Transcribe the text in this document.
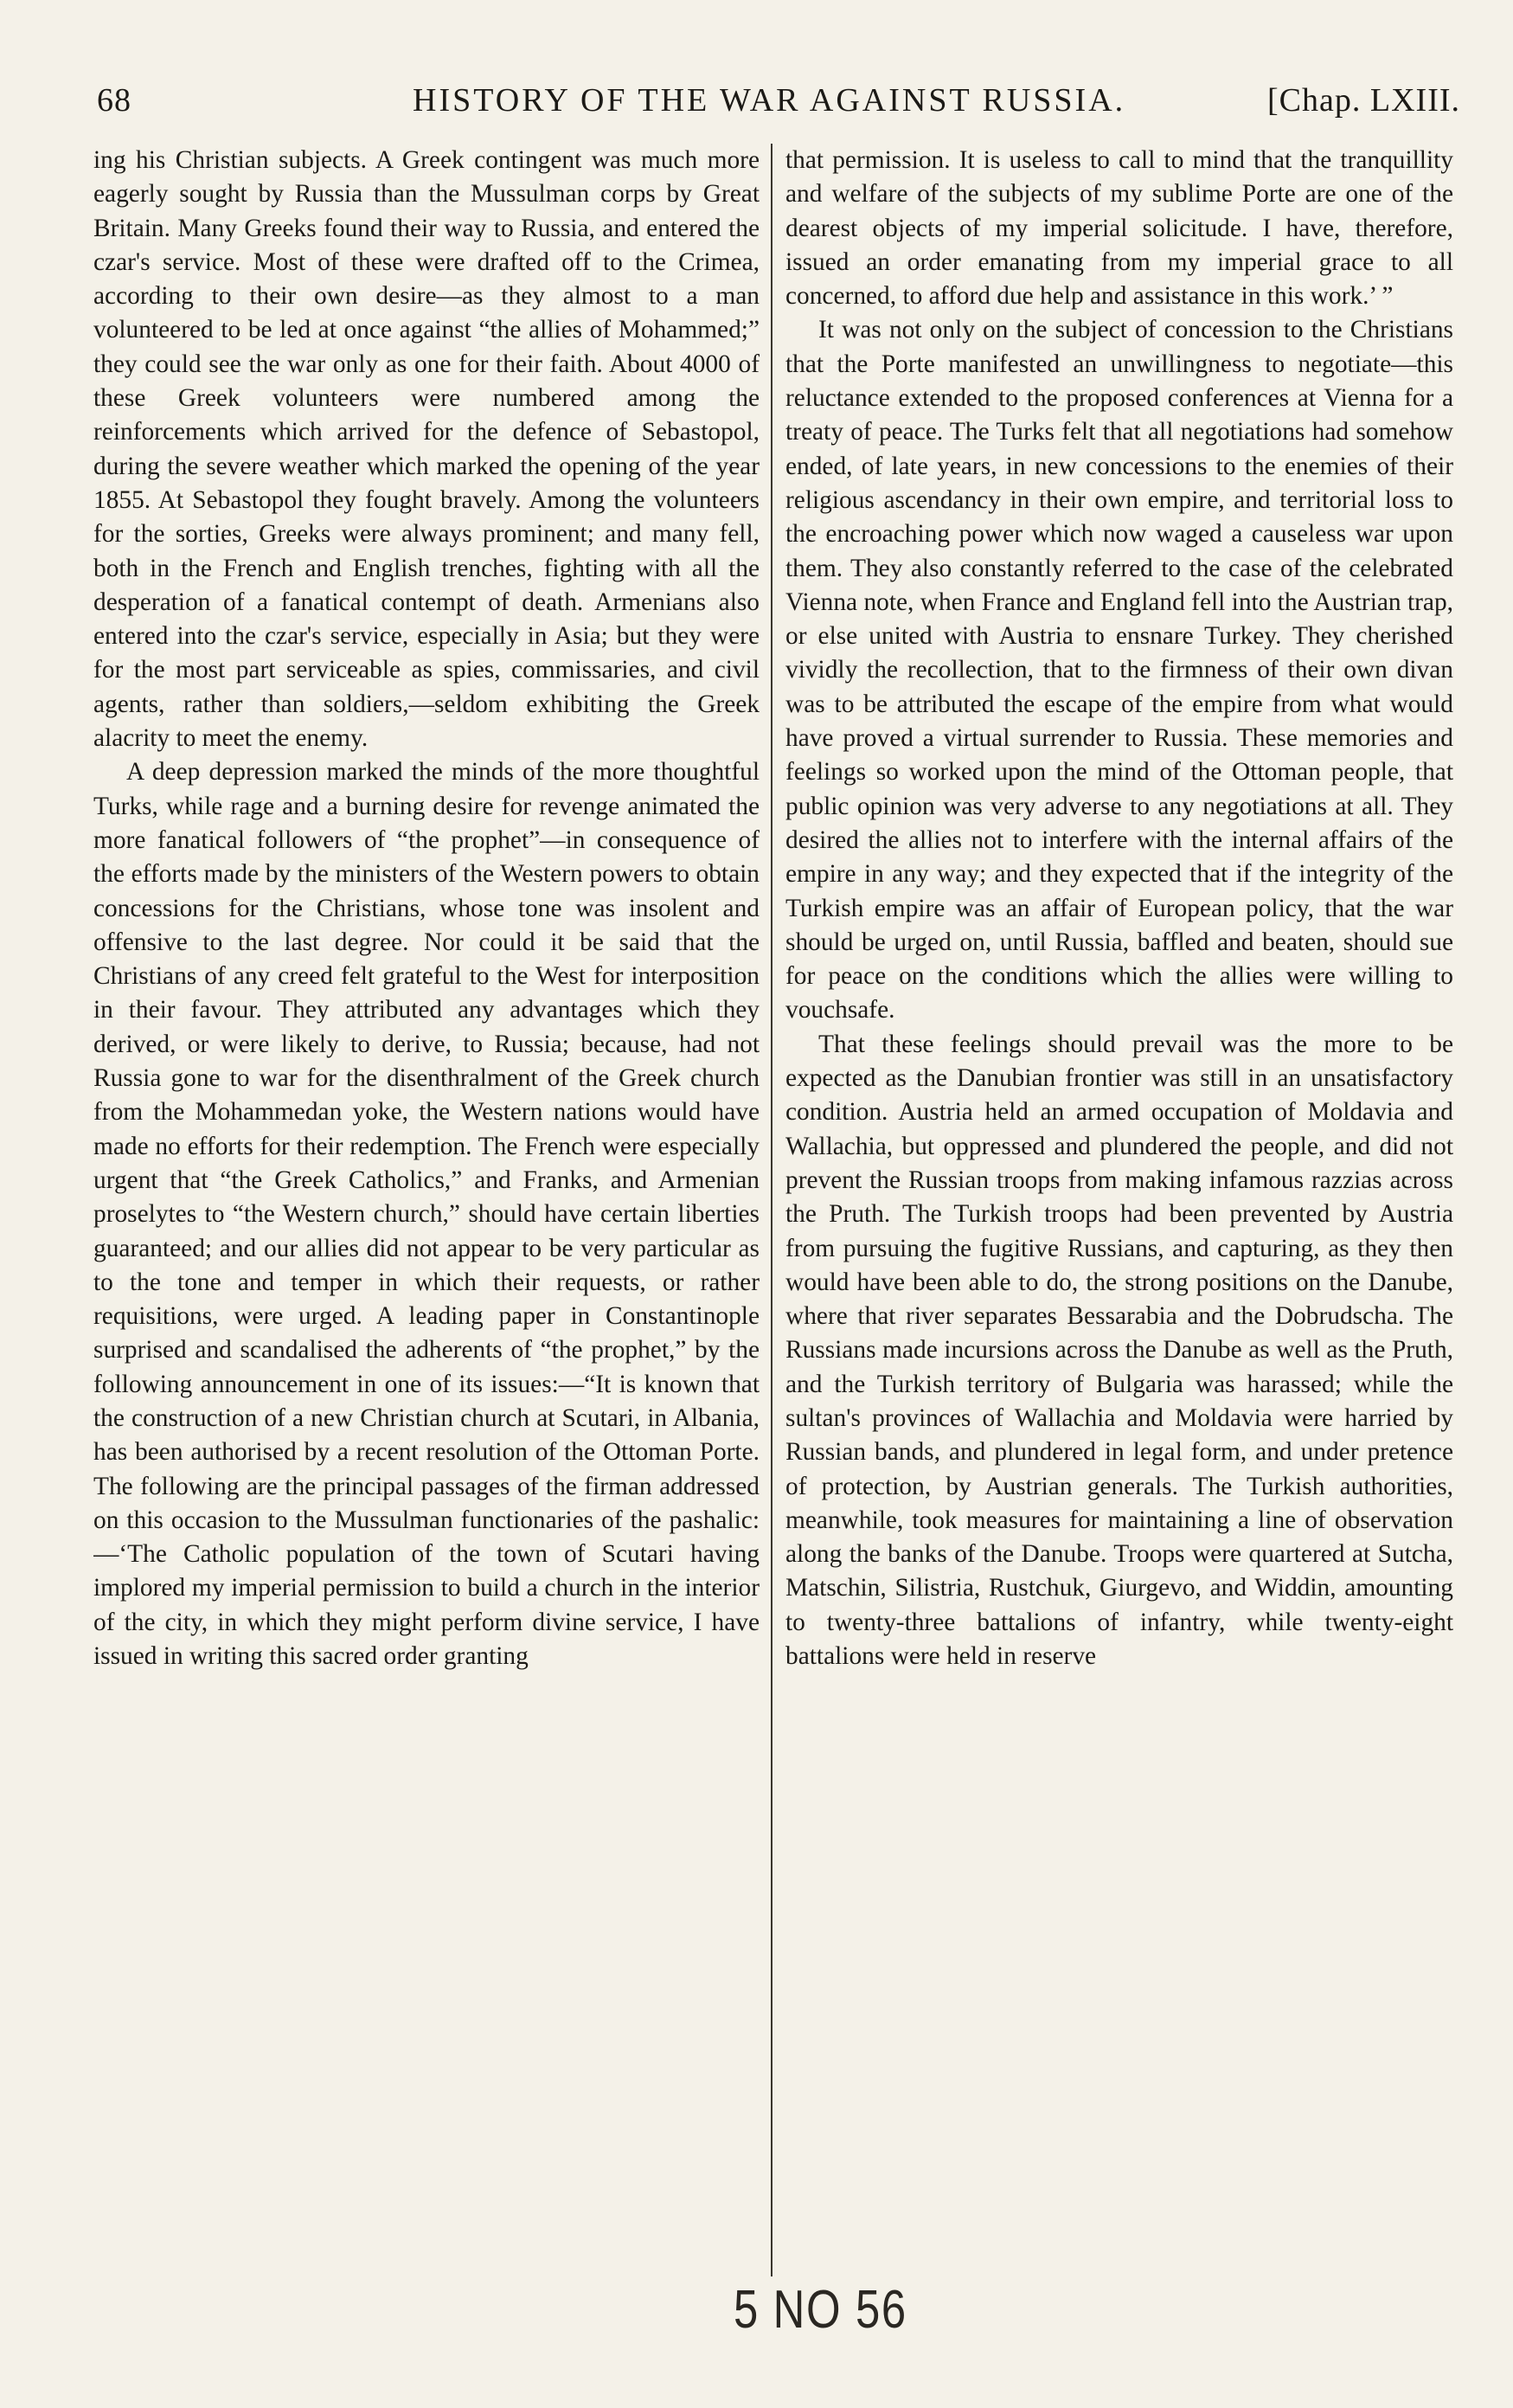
68	HISTORY OF THE WAR AGAINST RUSSIA.	[Chap. LXIII.

ing his Christian subjects. A Greek contingent was much more eagerly sought by Russia than the Mussulman corps by Great Britain. Many Greeks found their way to Russia, and entered the czar's service. Most of these were drafted off to the Crimea, according to their own desire—as they almost to a man volunteered to be led at once against “the allies of Mohammed;” they could see the war only as one for their faith. About 4000 of these Greek volunteers were numbered among the reinforcements which arrived for the defence of Sebastopol, during the severe weather which marked the opening of the year 1855. At Sebastopol they fought bravely. Among the volunteers for the sorties, Greeks were always prominent; and many fell, both in the French and English trenches, fighting with all the desperation of a fanatical contempt of death. Armenians also entered into the czar's service, especially in Asia; but they were for the most part serviceable as spies, commissaries, and civil agents, rather than soldiers,—seldom exhibiting the Greek alacrity to meet the enemy.

A deep depression marked the minds of the more thoughtful Turks, while rage and a burning desire for revenge animated the more fanatical followers of “the prophet”—in consequence of the efforts made by the ministers of the Western powers to obtain concessions for the Christians, whose tone was insolent and offensive to the last degree. Nor could it be said that the Christians of any creed felt grateful to the West for interposition in their favour. They attributed any advantages which they derived, or were likely to derive, to Russia; because, had not Russia gone to war for the disenthralment of the Greek church from the Mohammedan yoke, the Western nations would have made no efforts for their redemption. The French were especially urgent that “the Greek Catholics,” and Franks, and Armenian proselytes to “the Western church,” should have certain liberties guaranteed; and our allies did not appear to be very particular as to the tone and temper in which their requests, or rather requisitions, were urged. A leading paper in Constantinople surprised and scandalised the adherents of “the prophet,” by the following announcement in one of its issues:—“It is known that the construction of a new Christian church at Scutari, in Albania, has been authorised by a recent resolution of the Ottoman Porte. The following are the principal passages of the firman addressed on this occasion to the Mussulman functionaries of the pashalic:—‘The Catholic population of the town of Scutari having implored my imperial permission to build a church in the interior of the city, in which they might perform divine service, I have issued in writing this sacred order granting

that permission. It is useless to call to mind that the tranquillity and welfare of the subjects of my sublime Porte are one of the dearest objects of my imperial solicitude. I have, therefore, issued an order emanating from my imperial grace to all concerned, to afford due help and assistance in this work.’ ”

It was not only on the subject of concession to the Christians that the Porte manifested an unwillingness to negotiate—this reluctance extended to the proposed conferences at Vienna for a treaty of peace. The Turks felt that all negotiations had somehow ended, of late years, in new concessions to the enemies of their religious ascendancy in their own empire, and territorial loss to the encroaching power which now waged a causeless war upon them. They also constantly referred to the case of the celebrated Vienna note, when France and England fell into the Austrian trap, or else united with Austria to ensnare Turkey. They cherished vividly the recollection, that to the firmness of their own divan was to be attributed the escape of the empire from what would have proved a virtual surrender to Russia. These memories and feelings so worked upon the mind of the Ottoman people, that public opinion was very adverse to any negotiations at all. They desired the allies not to interfere with the internal affairs of the empire in any way; and they expected that if the integrity of the Turkish empire was an affair of European policy, that the war should be urged on, until Russia, baffled and beaten, should sue for peace on the conditions which the allies were willing to vouchsafe.

That these feelings should prevail was the more to be expected as the Danubian frontier was still in an unsatisfactory condition. Austria held an armed occupation of Moldavia and Wallachia, but oppressed and plundered the people, and did not prevent the Russian troops from making infamous razzias across the Pruth. The Turkish troops had been prevented by Austria from pursuing the fugitive Russians, and capturing, as they then would have been able to do, the strong positions on the Danube, where that river separates Bessarabia and the Dobrudscha. The Russians made incursions across the Danube as well as the Pruth, and the Turkish territory of Bulgaria was harassed; while the sultan's provinces of Wallachia and Moldavia were harried by Russian bands, and plundered in legal form, and under pretence of protection, by Austrian generals. The Turkish authorities, meanwhile, took measures for maintaining a line of observation along the banks of the Danube. Troops were quartered at Sutcha, Matschin, Silistria, Rustchuk, Giurgevo, and Widdin, amounting to twenty-three battalions of infantry, while twenty-eight battalions were held in reserve

5 NO 56
